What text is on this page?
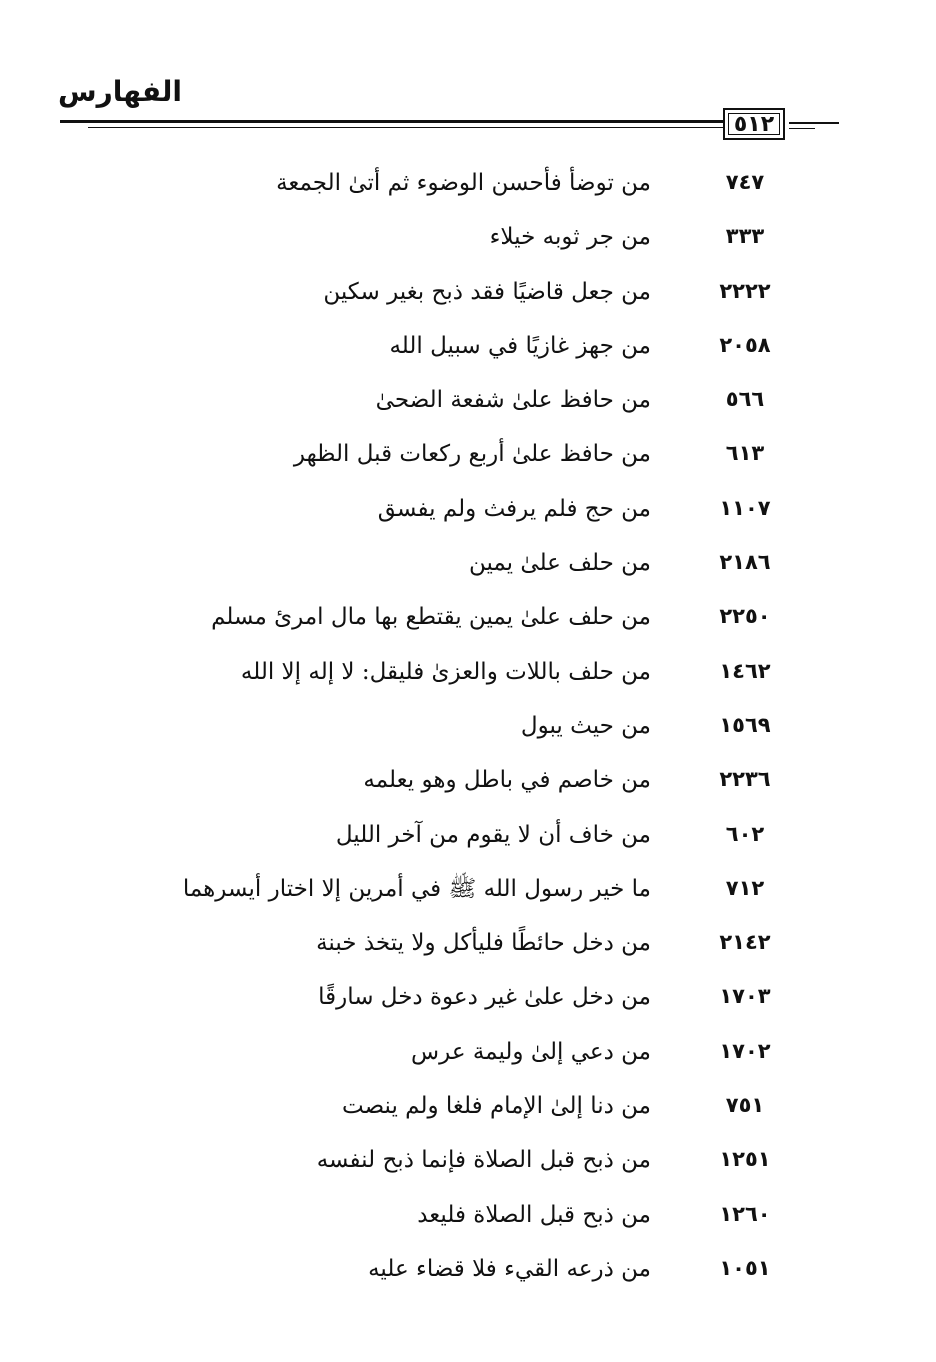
الفهارس
٥١٢
٧٤٧
من توضأ فأحسن الوضوء ثم أتىٰ الجمعة
٣٣٣
من جر ثوبه خيلاء
٢٢٢٢
من جعل قاضيًا فقد ذبح بغير سكين
٢٠٥٨
من جهز غازيًا في سبيل الله
٥٦٦
من حافظ علىٰ شفعة الضحىٰ
٦١٣
من حافظ علىٰ أربع ركعات قبل الظهر
١١٠٧
من حج فلم يرفث ولم يفسق
٢١٨٦
من حلف علىٰ يمين
٢٢٥٠
من حلف علىٰ يمين يقتطع بها مال امرئ مسلم
١٤٦٢
من حلف باللات والعزىٰ فليقل: لا إله إلا الله
١٥٦٩
من حيث يبول
٢٢٣٦
من خاصم في باطل وهو يعلمه
٦٠٢
من خاف أن لا يقوم من آخر الليل
٧١٢
ما خير رسول الله ﷺ في أمرين إلا اختار أيسرهما
٢١٤٢
من دخل حائطًا فليأكل ولا يتخذ خبنة
١٧٠٣
من دخل علىٰ غير دعوة دخل سارقًا
١٧٠٢
من دعي إلىٰ وليمة عرس
٧٥١
من دنا إلىٰ الإمام فلغا ولم ينصت
١٢٥١
من ذبح قبل الصلاة فإنما ذبح لنفسه
١٢٦٠
من ذبح قبل الصلاة فليعد
١٠٥١
من ذرعه القيء فلا قضاء عليه
